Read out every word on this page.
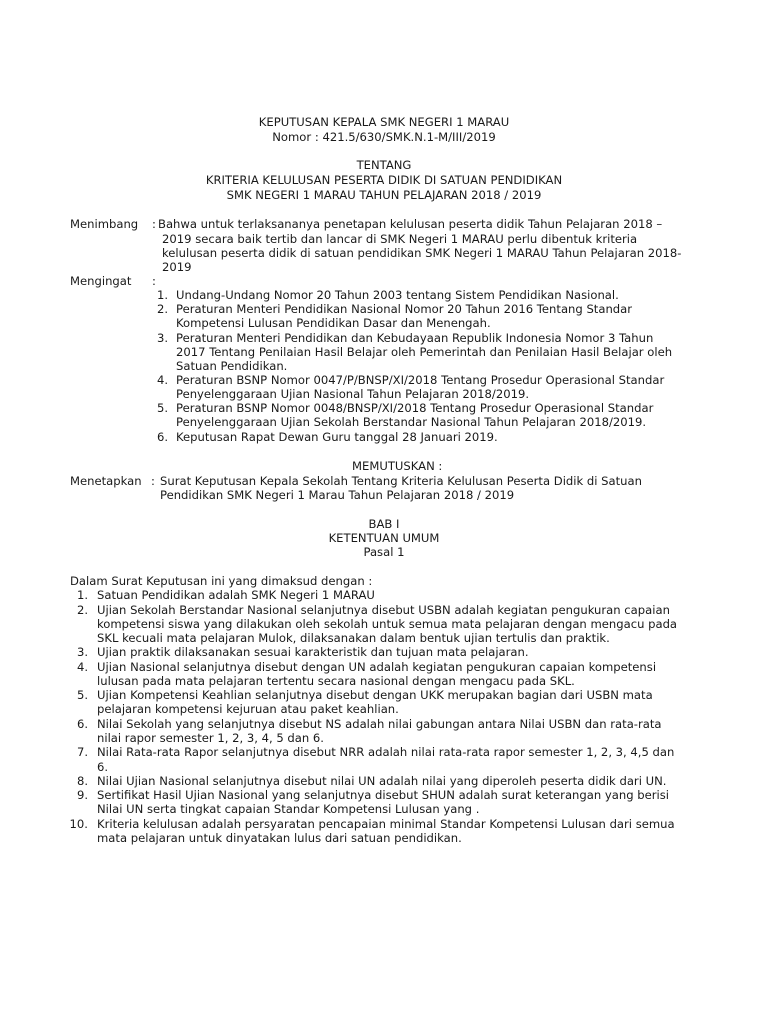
KEPUTUSAN KEPALA SMK NEGERI 1 MARAU
Nomor : 421.5/630/SMK.N.1-M/III/2019
TENTANG
KRITERIA KELULUSAN PESERTA DIDIK DI SATUAN PENDIDIKAN
SMK NEGERI 1 MARAU TAHUN PELAJARAN 2018 / 2019
Menimbang : Bahwa untuk terlaksananya penetapan kelulusan peserta didik Tahun Pelajaran 2018 –
2019 secara baik tertib dan lancar di SMK Negeri 1 MARAU perlu dibentuk kriteria
kelulusan peserta didik di satuan pendidikan SMK Negeri 1 MARAU Tahun Pelajaran 2018-
2019
Mengingat :
1. Undang-Undang Nomor 20 Tahun 2003 tentang Sistem Pendidikan Nasional.
2. Peraturan Menteri Pendidikan Nasional Nomor 20 Tahun 2016 Tentang Standar
Kompetensi Lulusan Pendidikan Dasar dan Menengah.
3. Peraturan Menteri Pendidikan dan Kebudayaan Republik Indonesia Nomor 3 Tahun
2017 Tentang Penilaian Hasil Belajar oleh Pemerintah dan Penilaian Hasil Belajar oleh
Satuan Pendidikan.
4. Peraturan BSNP Nomor 0047/P/BNSP/XI/2018 Tentang Prosedur Operasional Standar
Penyelenggaraan Ujian Nasional Tahun Pelajaran 2018/2019.
5. Peraturan BSNP Nomor 0048/BNSP/XI/2018 Tentang Prosedur Operasional Standar
Penyelenggaraan Ujian Sekolah Berstandar Nasional Tahun Pelajaran 2018/2019.
6. Keputusan Rapat Dewan Guru tanggal 28 Januari 2019.
MEMUTUSKAN :
Menetapkan : Surat Keputusan Kepala Sekolah Tentang Kriteria Kelulusan Peserta Didik di Satuan
Pendidikan SMK Negeri 1 Marau Tahun Pelajaran 2018 / 2019
BAB I
KETENTUAN UMUM
Pasal 1
Dalam Surat Keputusan ini yang dimaksud dengan :
1. Satuan Pendidikan adalah SMK Negeri 1 MARAU
2. Ujian Sekolah Berstandar Nasional selanjutnya disebut USBN adalah kegiatan pengukuran capaian
kompetensi siswa yang dilakukan oleh sekolah untuk semua mata pelajaran dengan mengacu pada
SKL kecuali mata pelajaran Mulok, dilaksanakan dalam bentuk ujian tertulis dan praktik.
3. Ujian praktik dilaksanakan sesuai karakteristik dan tujuan mata pelajaran.
4. Ujian Nasional selanjutnya disebut dengan UN adalah kegiatan pengukuran capaian kompetensi
lulusan pada mata pelajaran tertentu secara nasional dengan mengacu pada SKL.
5. Ujian Kompetensi Keahlian selanjutnya disebut dengan UKK merupakan bagian dari USBN mata
pelajaran kompetensi kejuruan atau paket keahlian.
6. Nilai Sekolah yang selanjutnya disebut NS adalah nilai gabungan antara Nilai USBN dan rata-rata
nilai rapor semester 1, 2, 3, 4, 5 dan 6.
7. Nilai Rata-rata Rapor selanjutnya disebut NRR adalah nilai rata-rata rapor semester 1, 2, 3, 4,5 dan
6.
8. Nilai Ujian Nasional selanjutnya disebut nilai UN adalah nilai yang diperoleh peserta didik dari UN.
9. Sertifikat Hasil Ujian Nasional yang selanjutnya disebut SHUN adalah surat keterangan yang berisi
Nilai UN serta tingkat capaian Standar Kompetensi Lulusan yang .
10. Kriteria kelulusan adalah persyaratan pencapaian minimal Standar Kompetensi Lulusan dari semua
mata pelajaran untuk dinyatakan lulus dari satuan pendidikan.
